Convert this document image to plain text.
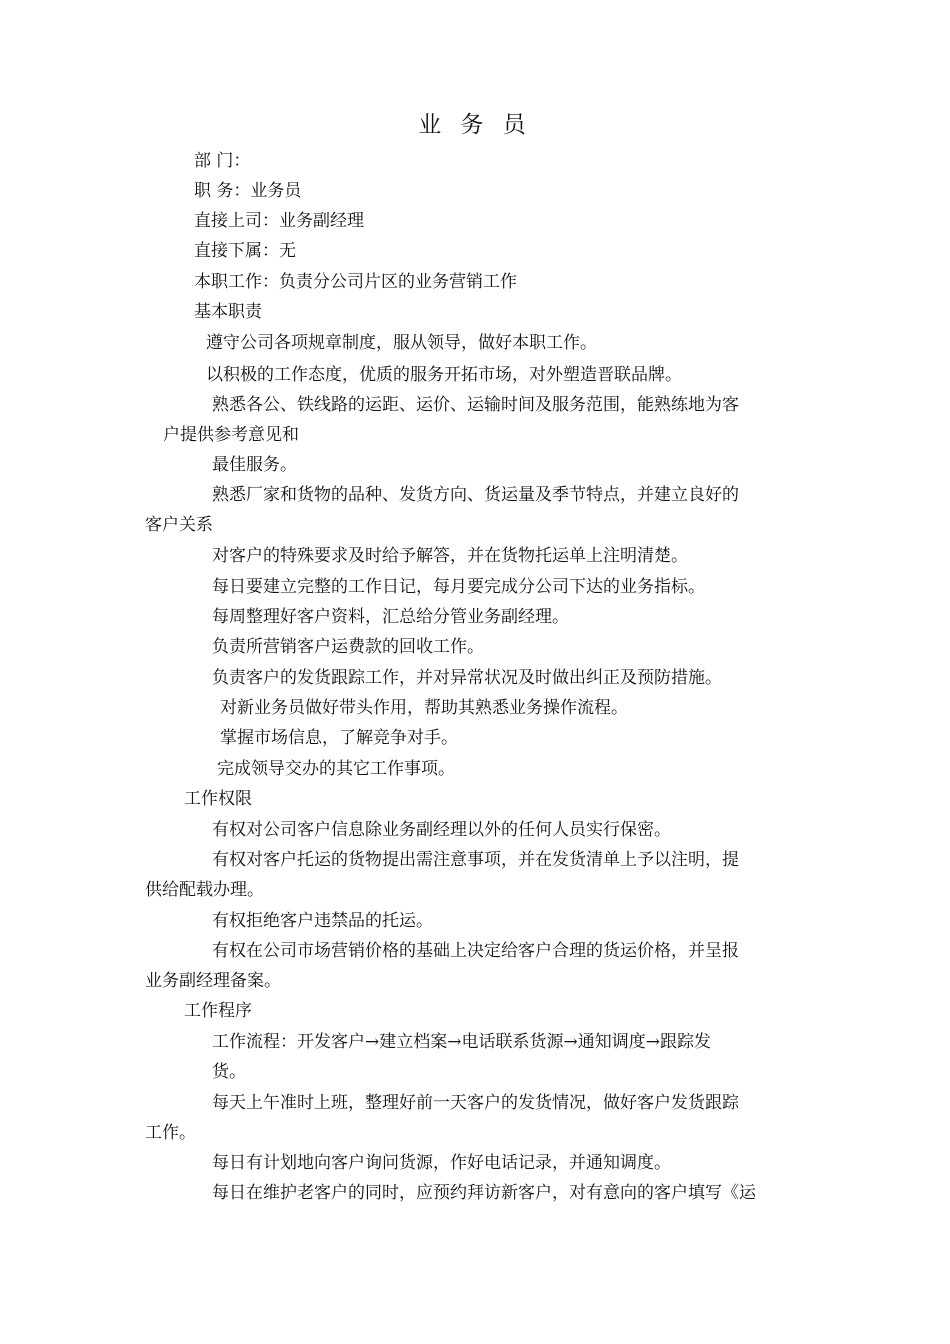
业 务 员
部 门：
职 务：业务员
直接上司：业务副经理
直接下属：无
本职工作：负责分公司片区的业务营销工作
基本职责
遵守公司各项规章制度，服从领导，做好本职工作。
以积极的工作态度，优质的服务开拓市场，对外塑造晋联品牌。
熟悉各公、铁线路的运距、运价、运输时间及服务范围，能熟练地为客
户提供参考意见和
最佳服务。
熟悉厂家和货物的品种、发货方向、货运量及季节特点，并建立良好的
客户关系
对客户的特殊要求及时给予解答，并在货物托运单上注明清楚。
每日要建立完整的工作日记，每月要完成分公司下达的业务指标。
每周整理好客户资料，汇总给分管业务副经理。
负责所营销客户运费款的回收工作。
负责客户的发货跟踪工作，并对异常状况及时做出纠正及预防措施。
对新业务员做好带头作用，帮助其熟悉业务操作流程。
掌握市场信息，了解竞争对手。
完成领导交办的其它工作事项。
工作权限
有权对公司客户信息除业务副经理以外的任何人员实行保密。
有权对客户托运的货物提出需注意事项，并在发货清单上予以注明，提
供给配载办理。
有权拒绝客户违禁品的托运。
有权在公司市场营销价格的基础上决定给客户合理的货运价格，并呈报
业务副经理备案。
工作程序
工作流程：开发客户→建立档案→电话联系货源→通知调度→跟踪发
货。
每天上午准时上班，整理好前一天客户的发货情况，做好客户发货跟踪
工作。
每日有计划地向客户询问货源，作好电话记录，并通知调度。
每日在维护老客户的同时，应预约拜访新客户，对有意向的客户填写《运
